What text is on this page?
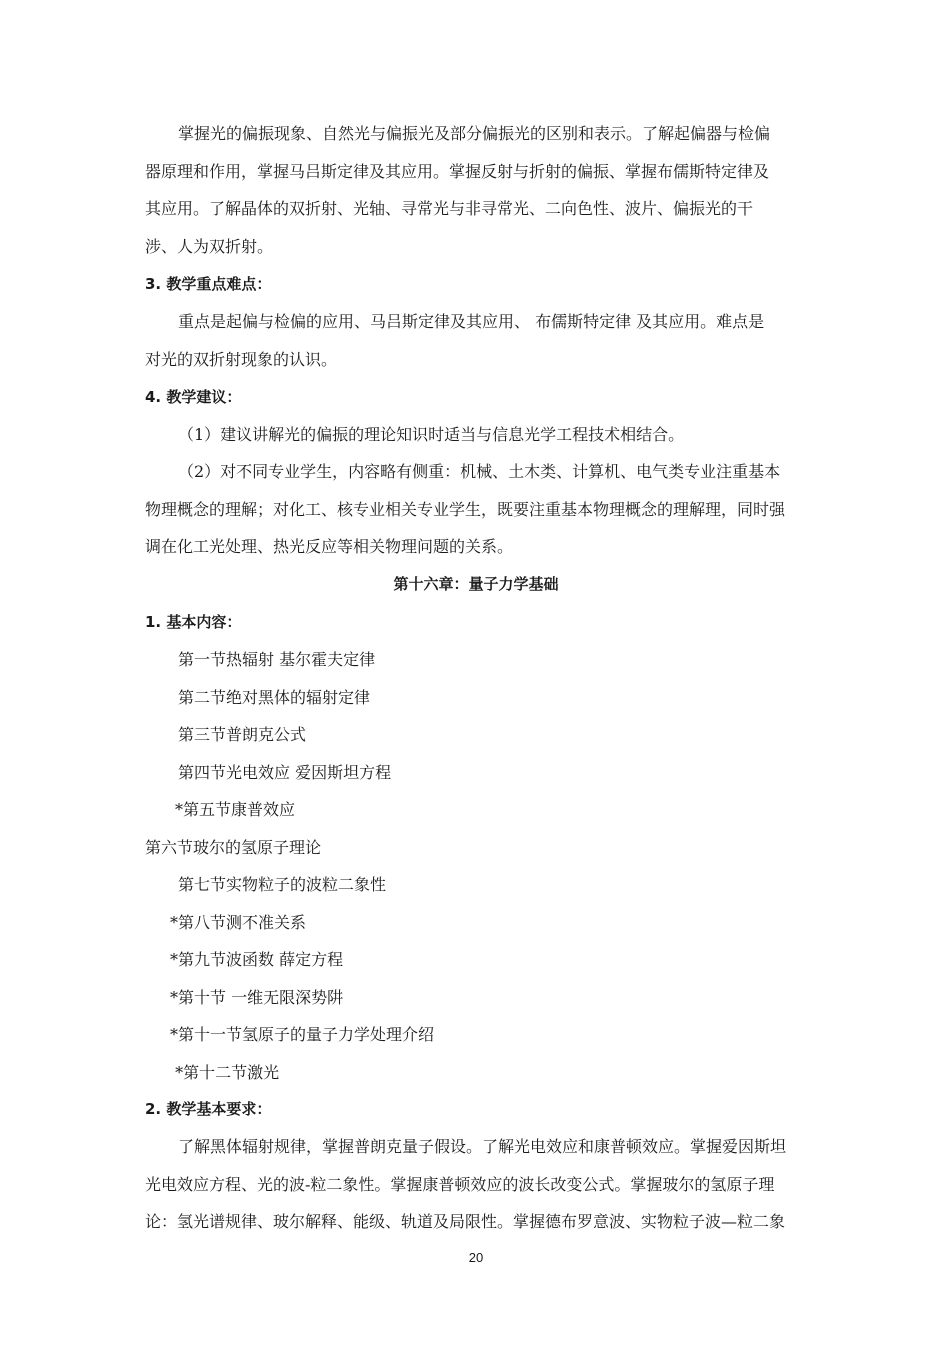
掌握光的偏振现象、自然光与偏振光及部分偏振光的区别和表示。了解起偏器与检偏
器原理和作用，掌握马吕斯定律及其应用。掌握反射与折射的偏振、掌握布儒斯特定律及
其应用。了解晶体的双折射、光轴、寻常光与非寻常光、二向色性、波片、偏振光的干
涉、人为双折射。
3. 教学重点难点：
重点是起偏与检偏的应用、马吕斯定律及其应用、 布儒斯特定律 及其应用。难点是
对光的双折射现象的认识。
4. 教学建议：
（1）建议讲解光的偏振的理论知识时适当与信息光学工程技术相结合。
（2）对不同专业学生，内容略有侧重：机械、土木类、计算机、电气类专业注重基本
物理概念的理解；对化工、核专业相关专业学生，既要注重基本物理概念的理解理，同时强
调在化工光处理、热光反应等相关物理问题的关系。
第十六章：量子力学基础
1. 基本内容：
第一节热辐射 基尔霍夫定律
第二节绝对黑体的辐射定律
第三节普朗克公式
第四节光电效应 爱因斯坦方程
*第五节康普效应
第六节玻尔的氢原子理论
第七节实物粒子的波粒二象性
*第八节测不准关系
*第九节波函数 薛定方程
*第十节 一维无限深势阱
*第十一节氢原子的量子力学处理介绍
*第十二节激光
2. 教学基本要求：
了解黑体辐射规律，掌握普朗克量子假设。了解光电效应和康普顿效应。掌握爱因斯坦
光电效应方程、光的波-粒二象性。掌握康普顿效应的波长改变公式。掌握玻尔的氢原子理
论：氢光谱规律、玻尔解释、能级、轨道及局限性。掌握德布罗意波、实物粒子波—粒二象
20
